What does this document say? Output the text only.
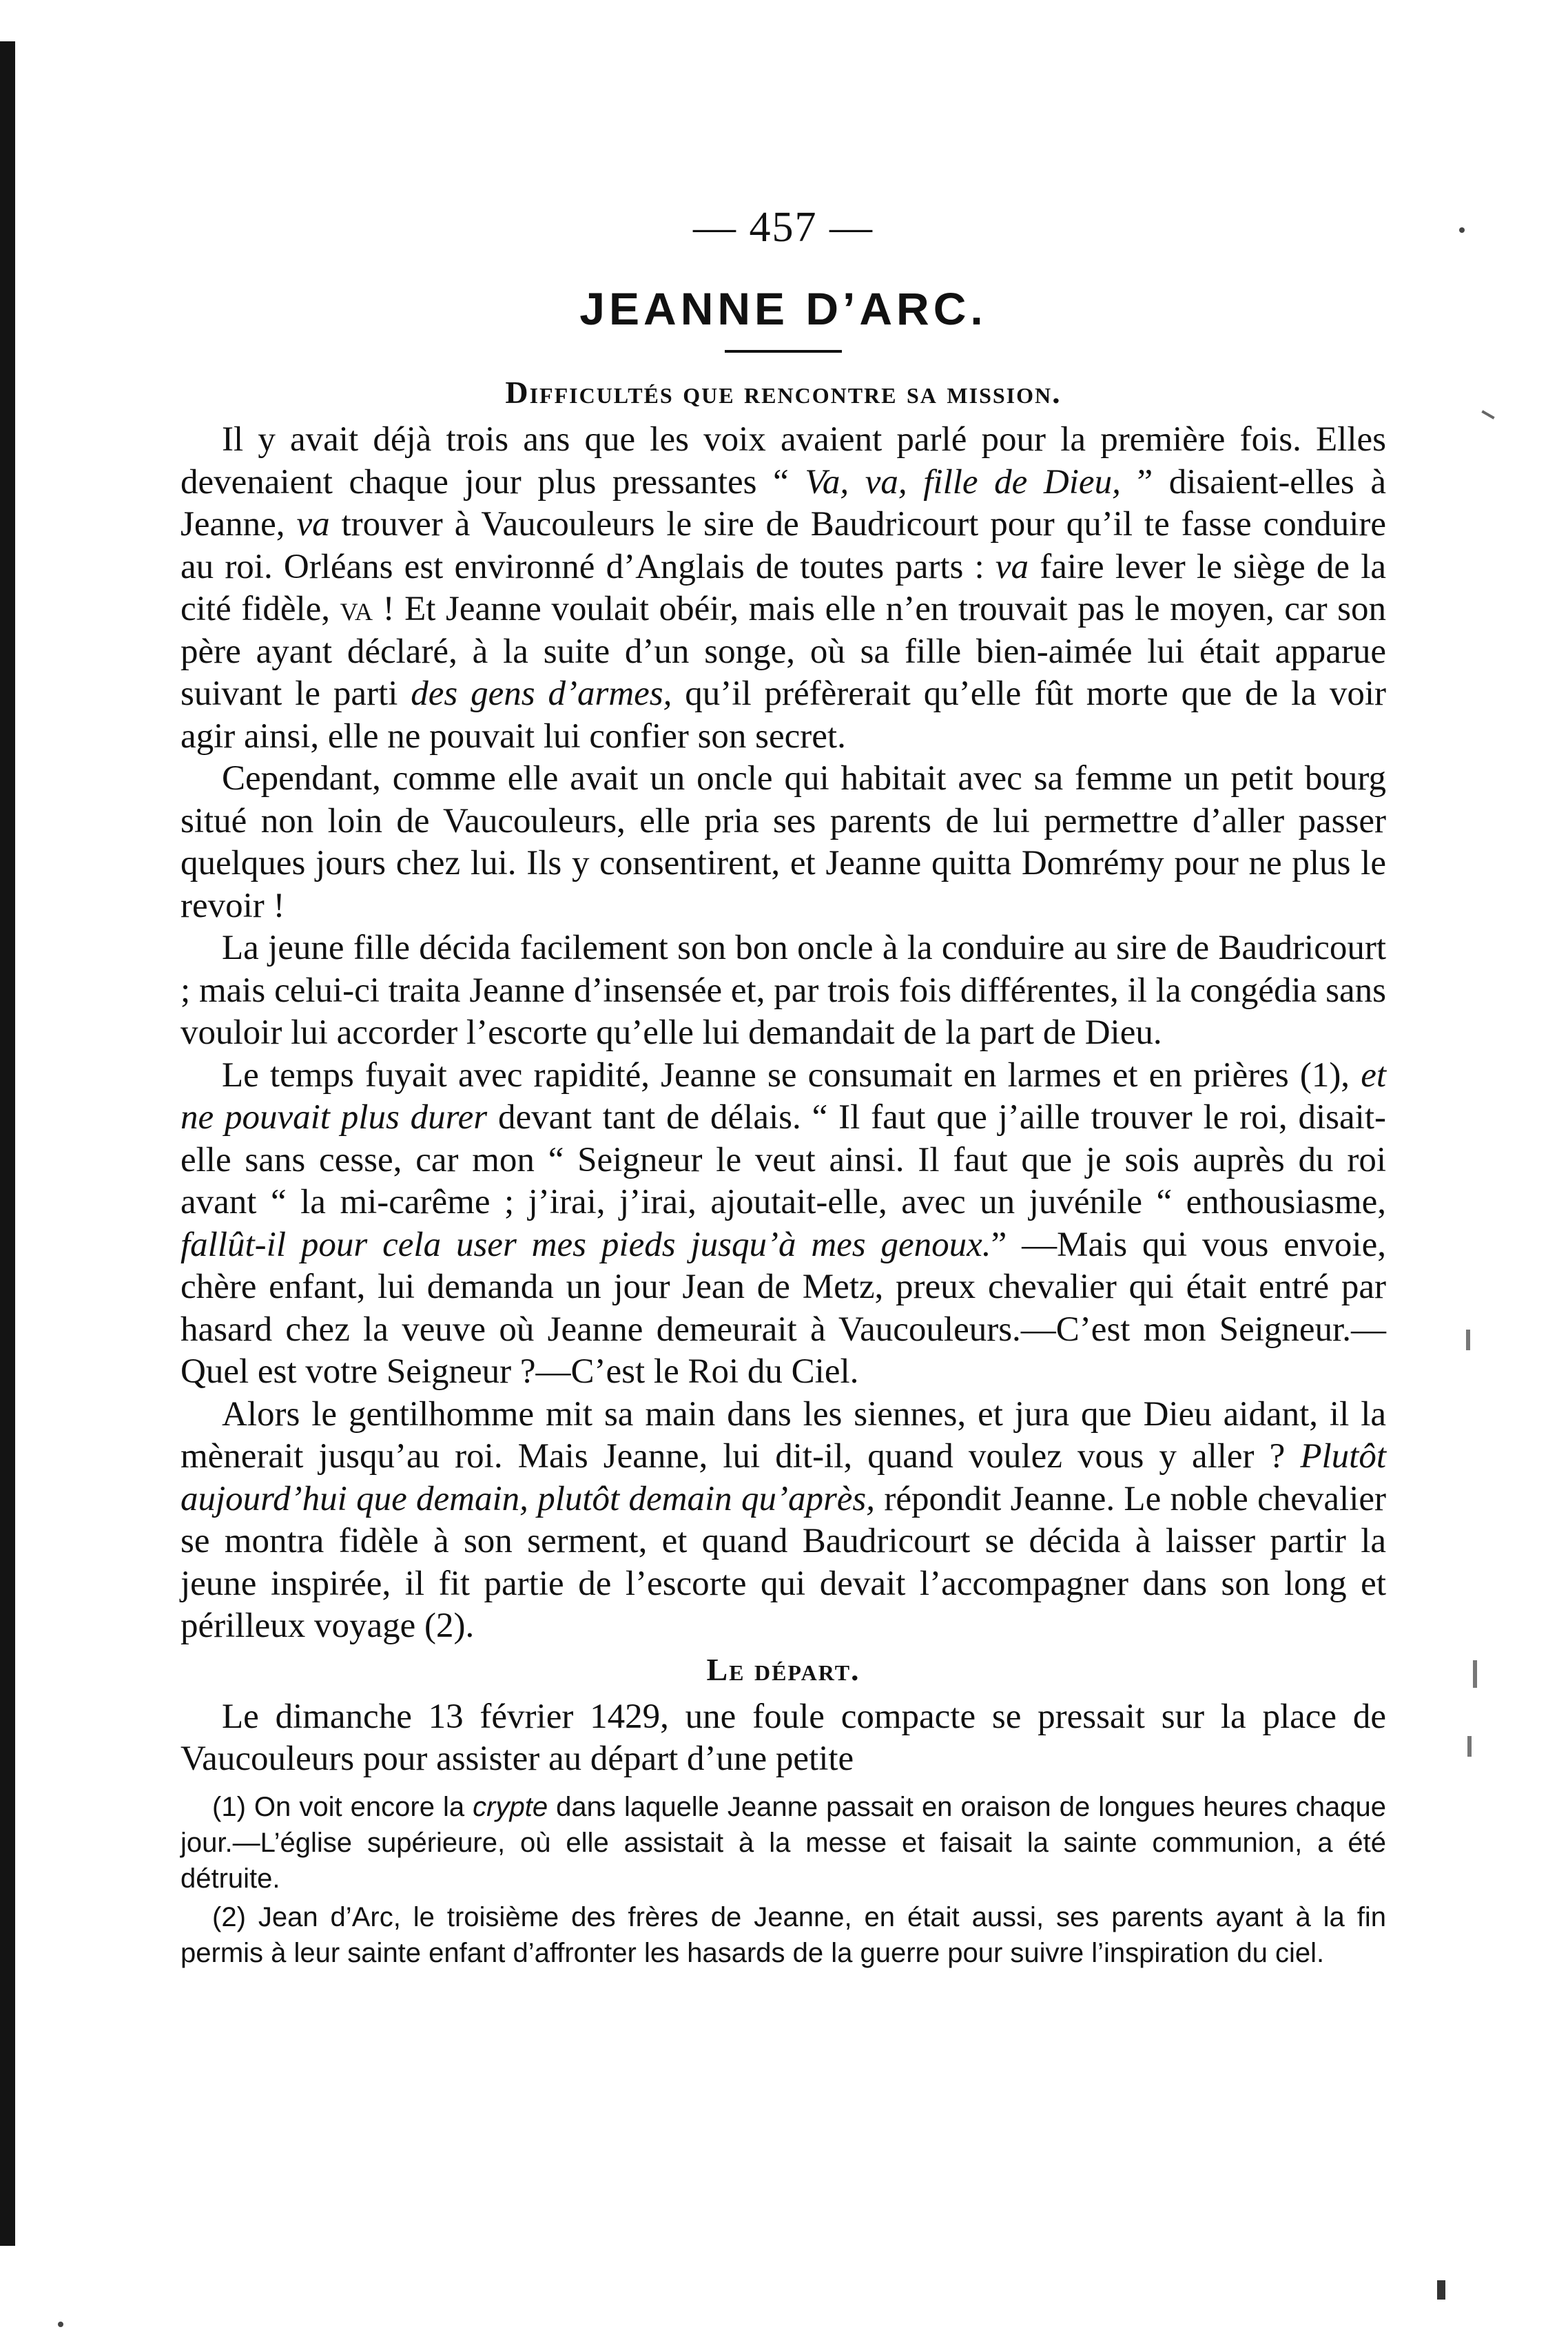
— 457 —
JEANNE D’ARC.
Difficultés que rencontre sa mission.

Il y avait déjà trois ans que les voix avaient parlé pour la première fois. Elles devenaient chaque jour plus pressantes “ Va, va, fille de Dieu, ” disaient-elles à Jeanne, va trouver à Vaucouleurs le sire de Baudricourt pour qu’il te fasse conduire au roi. Orléans est environné d’Anglais de toutes parts : va faire lever le siège de la cité fidèle, va ! Et Jeanne voulait obéir, mais elle n’en trouvait pas le moyen, car son père ayant déclaré, à la suite d’un songe, où sa fille bien-aimée lui était apparue suivant le parti des gens d’armes, qu’il préfèrerait qu’elle fût morte que de la voir agir ainsi, elle ne pouvait lui confier son secret.

Cependant, comme elle avait un oncle qui habitait avec sa femme un petit bourg situé non loin de Vaucouleurs, elle pria ses parents de lui permettre d’aller passer quelques jours chez lui. Ils y consentirent, et Jeanne quitta Domrémy pour ne plus le revoir !

La jeune fille décida facilement son bon oncle à la conduire au sire de Baudricourt ; mais celui-ci traita Jeanne d’insensée et, par trois fois différentes, il la congédia sans vouloir lui accorder l’escorte qu’elle lui demandait de la part de Dieu.

Le temps fuyait avec rapidité, Jeanne se consumait en larmes et en prières (1), et ne pouvait plus durer devant tant de délais. “ Il faut que j’aille trouver le roi, disait-elle sans cesse, car mon “ Seigneur le veut ainsi. Il faut que je sois auprès du roi avant “ la mi-carême ; j’irai, j’irai, ajoutait-elle, avec un juvénile “ enthousiasme, fallût-il pour cela user mes pieds jusqu’à mes genoux.” —Mais qui vous envoie, chère enfant, lui demanda un jour Jean de Metz, preux chevalier qui était entré par hasard chez la veuve où Jeanne demeurait à Vaucouleurs.—C’est mon Seigneur.—Quel est votre Seigneur ?—C’est le Roi du Ciel.

Alors le gentilhomme mit sa main dans les siennes, et jura que Dieu aidant, il la mènerait jusqu’au roi. Mais Jeanne, lui dit-il, quand voulez vous y aller ? Plutôt aujourd’hui que demain, plutôt demain qu’après, répondit Jeanne. Le noble chevalier se montra fidèle à son serment, et quand Baudricourt se décida à laisser partir la jeune inspirée, il fit partie de l’escorte qui devait l’accompagner dans son long et périlleux voyage (2).

Le départ.

Le dimanche 13 février 1429, une foule compacte se pressait sur la place de Vaucouleurs pour assister au départ d’une petite

(1) On voit encore la crypte dans laquelle Jeanne passait en oraison de longues heures chaque jour.—L’église supérieure, où elle assistait à la messe et faisait la sainte communion, a été détruite.

(2) Jean d’Arc, le troisième des frères de Jeanne, en était aussi, ses parents ayant à la fin permis à leur sainte enfant d’affronter les hasards de la guerre pour suivre l’inspiration du ciel.
